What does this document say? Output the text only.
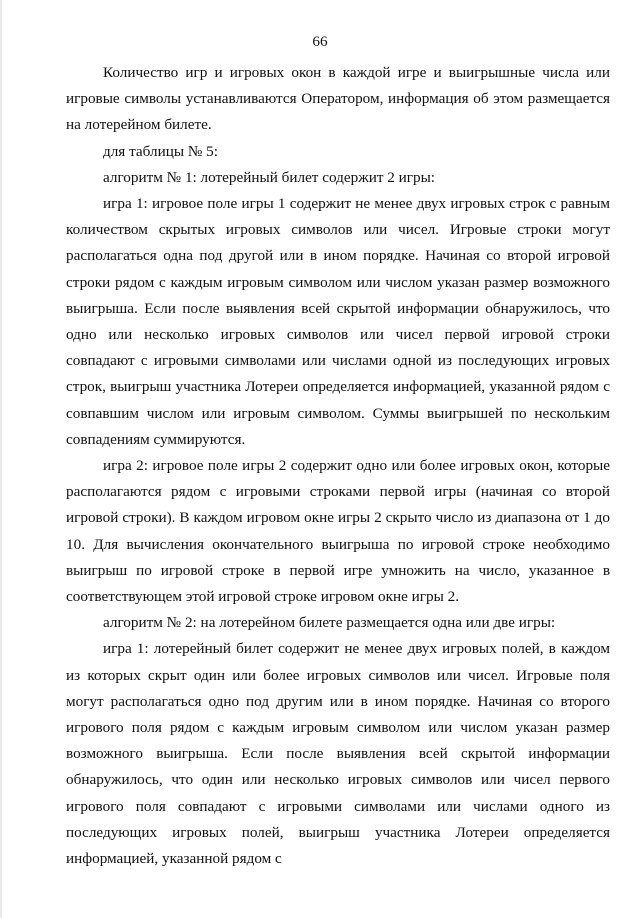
66

Количество игр и игровых окон в каждой игре и выигрышные числа или игровые символы устанавливаются Оператором, информация об этом размещается на лотерейном билете.

для таблицы № 5:

алгоритм № 1: лотерейный билет содержит 2 игры:

игра 1: игровое поле игры 1 содержит не менее двух игровых строк с равным количеством скрытых игровых символов или чисел. Игровые строки могут располагаться одна под другой или в ином порядке. Начиная со второй игровой строки рядом с каждым игровым символом или числом указан размер возможного выигрыша. Если после выявления всей скрытой информации обнаружилось, что одно или несколько игровых символов или чисел первой игровой строки совпадают с игровыми символами или числами одной из последующих игровых строк, выигрыш участника Лотереи определяется информацией, указанной рядом с совпавшим числом или игровым символом. Суммы выигрышей по нескольким совпадениям суммируются.

игра 2: игровое поле игры 2 содержит одно или более игровых окон, которые располагаются рядом с игровыми строками первой игры (начиная со второй игровой строки). В каждом игровом окне игры 2 скрыто число из диапазона от 1 до 10. Для вычисления окончательного выигрыша по игровой строке необходимо выигрыш по игровой строке в первой игре умножить на число, указанное в соответствующем этой игровой строке игровом окне игры 2.

алгоритм № 2: на лотерейном билете размещается одна или две игры:

игра 1: лотерейный билет содержит не менее двух игровых полей, в каждом из которых скрыт один или более игровых символов или чисел. Игровые поля могут располагаться одно под другим или в ином порядке. Начиная со второго игрового поля рядом с каждым игровым символом или числом указан размер возможного выигрыша. Если после выявления всей скрытой информации обнаружилось, что один или несколько игровых символов или чисел первого игрового поля совпадают с игровыми символами или числами одного из последующих игровых полей, выигрыш участника Лотереи определяется информацией, указанной рядом с
